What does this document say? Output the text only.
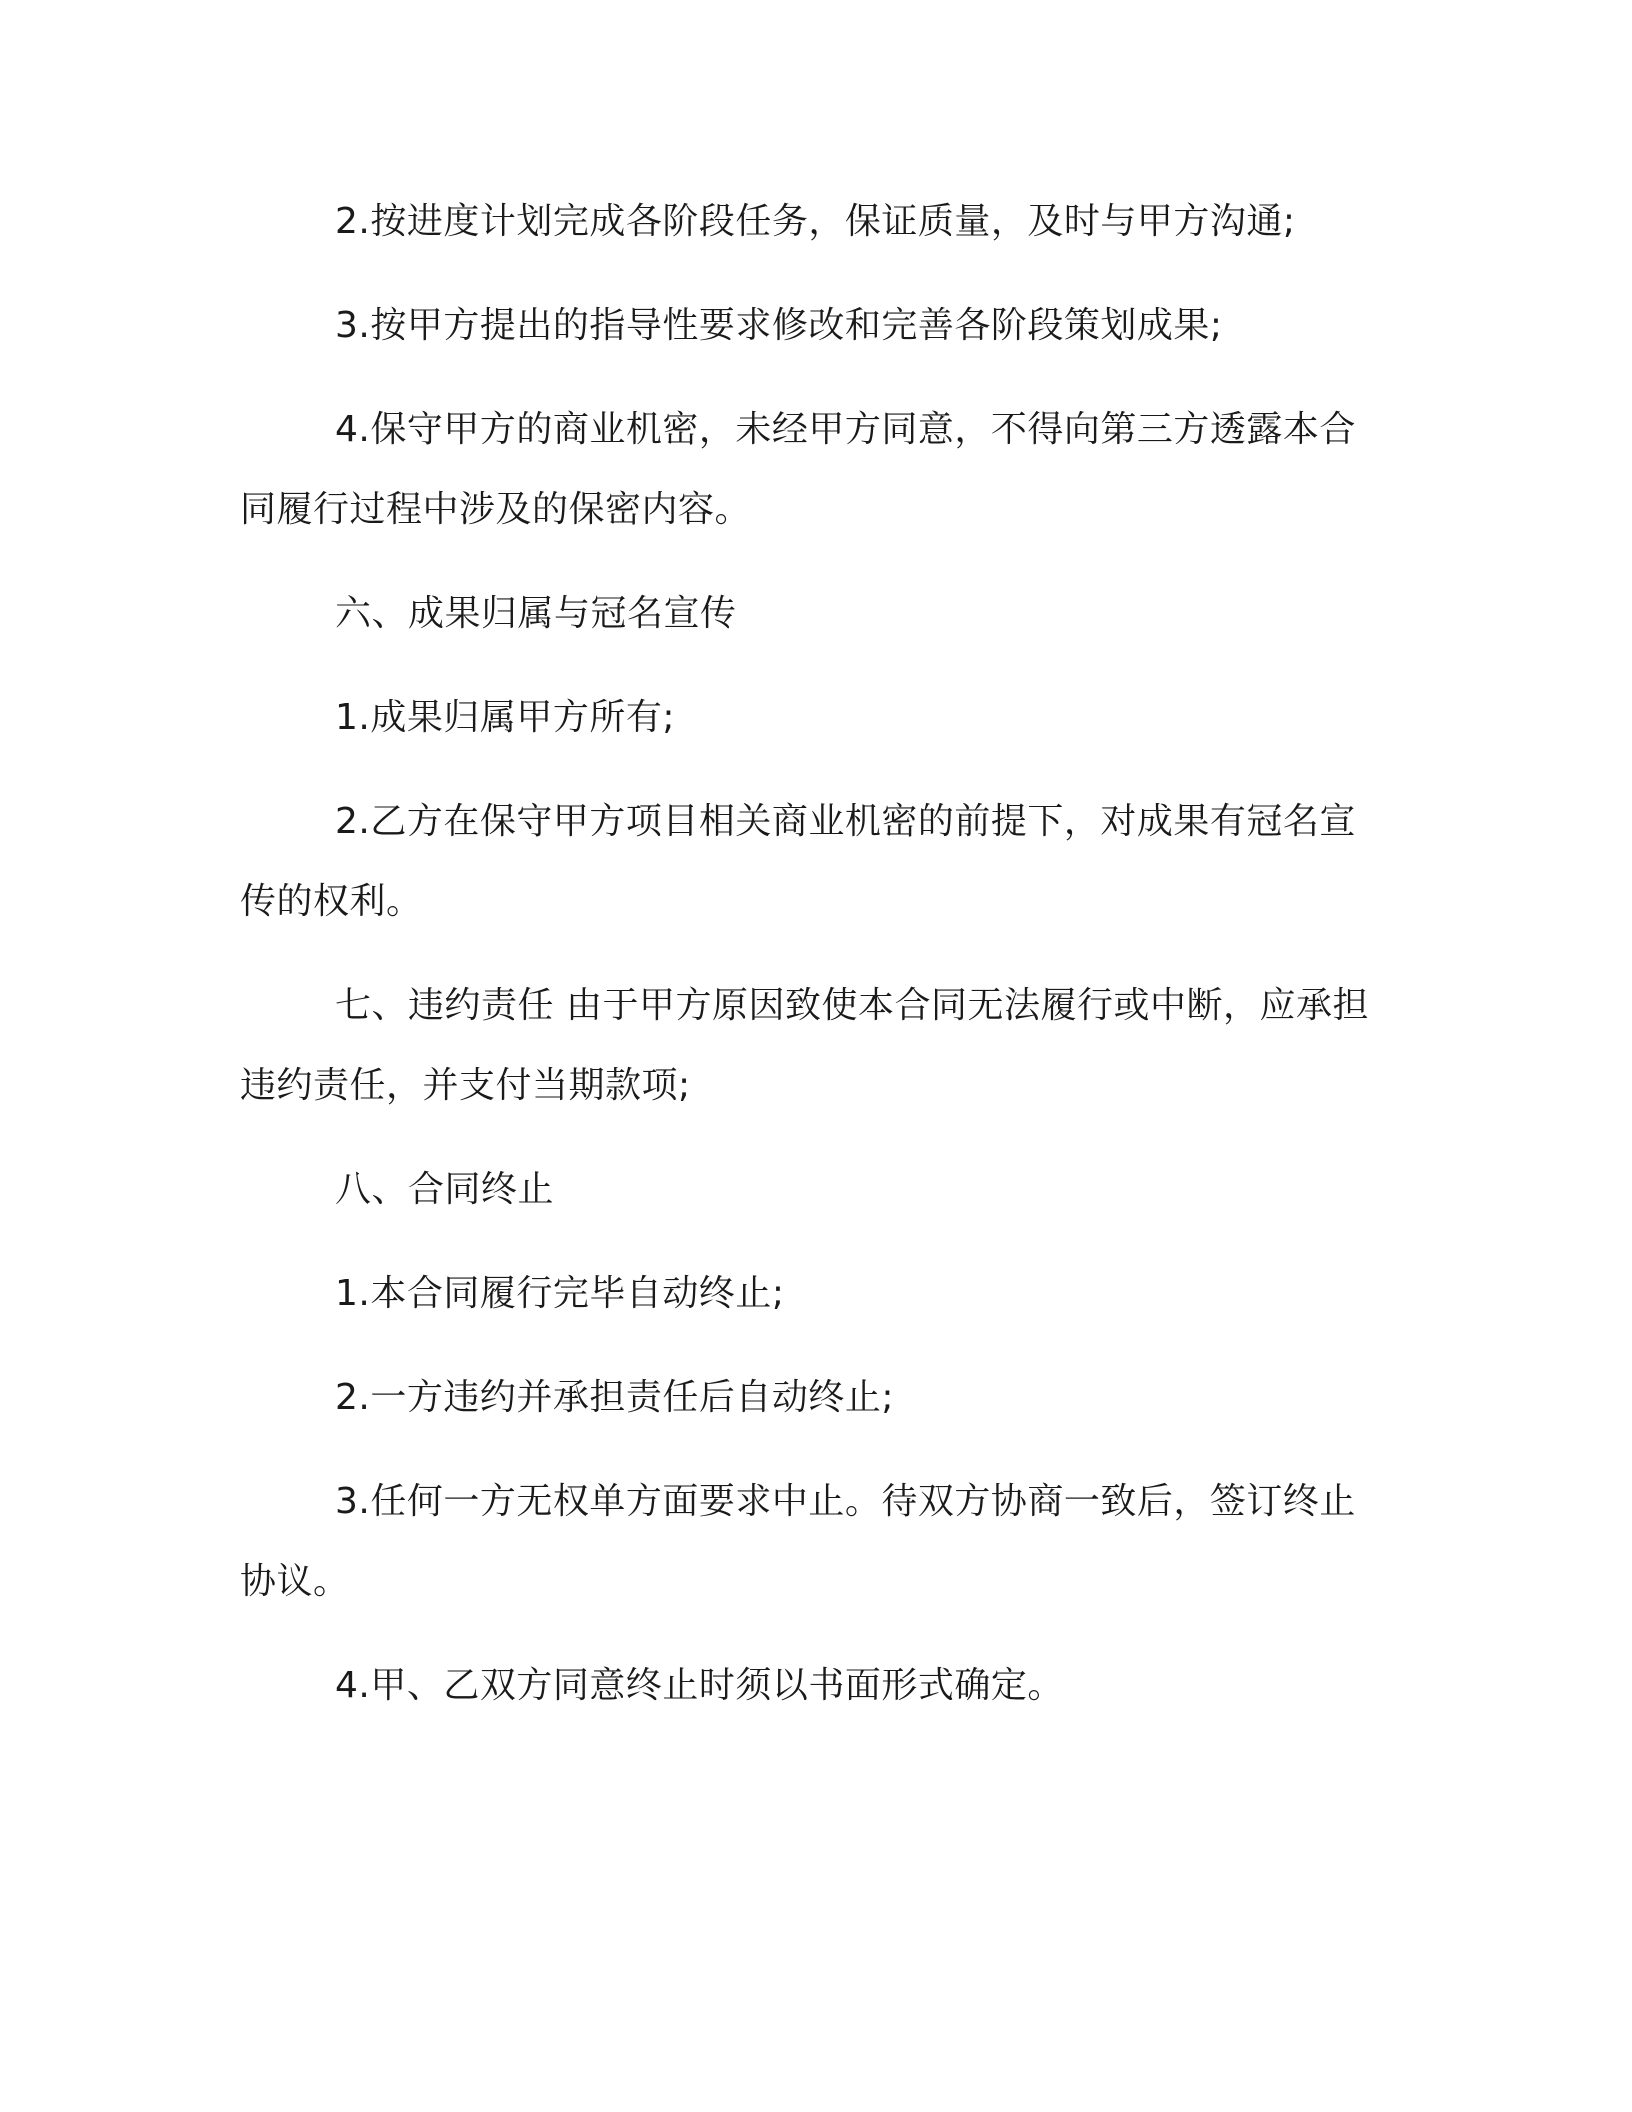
2.按进度计划完成各阶段任务，保证质量，及时与甲方沟通;

3.按甲方提出的指导性要求修改和完善各阶段策划成果;

4.保守甲方的商业机密，未经甲方同意，不得向第三方透露本合同履行过程中涉及的保密内容。

六、成果归属与冠名宣传

1.成果归属甲方所有;

2.乙方在保守甲方项目相关商业机密的前提下，对成果有冠名宣传的权利。

七、违约责任 由于甲方原因致使本合同无法履行或中断，应承担违约责任，并支付当期款项;

八、合同终止

1.本合同履行完毕自动终止;

2.一方违约并承担责任后自动终止;

3.任何一方无权单方面要求中止。待双方协商一致后，签订终止协议。

4.甲、乙双方同意终止时须以书面形式确定。
